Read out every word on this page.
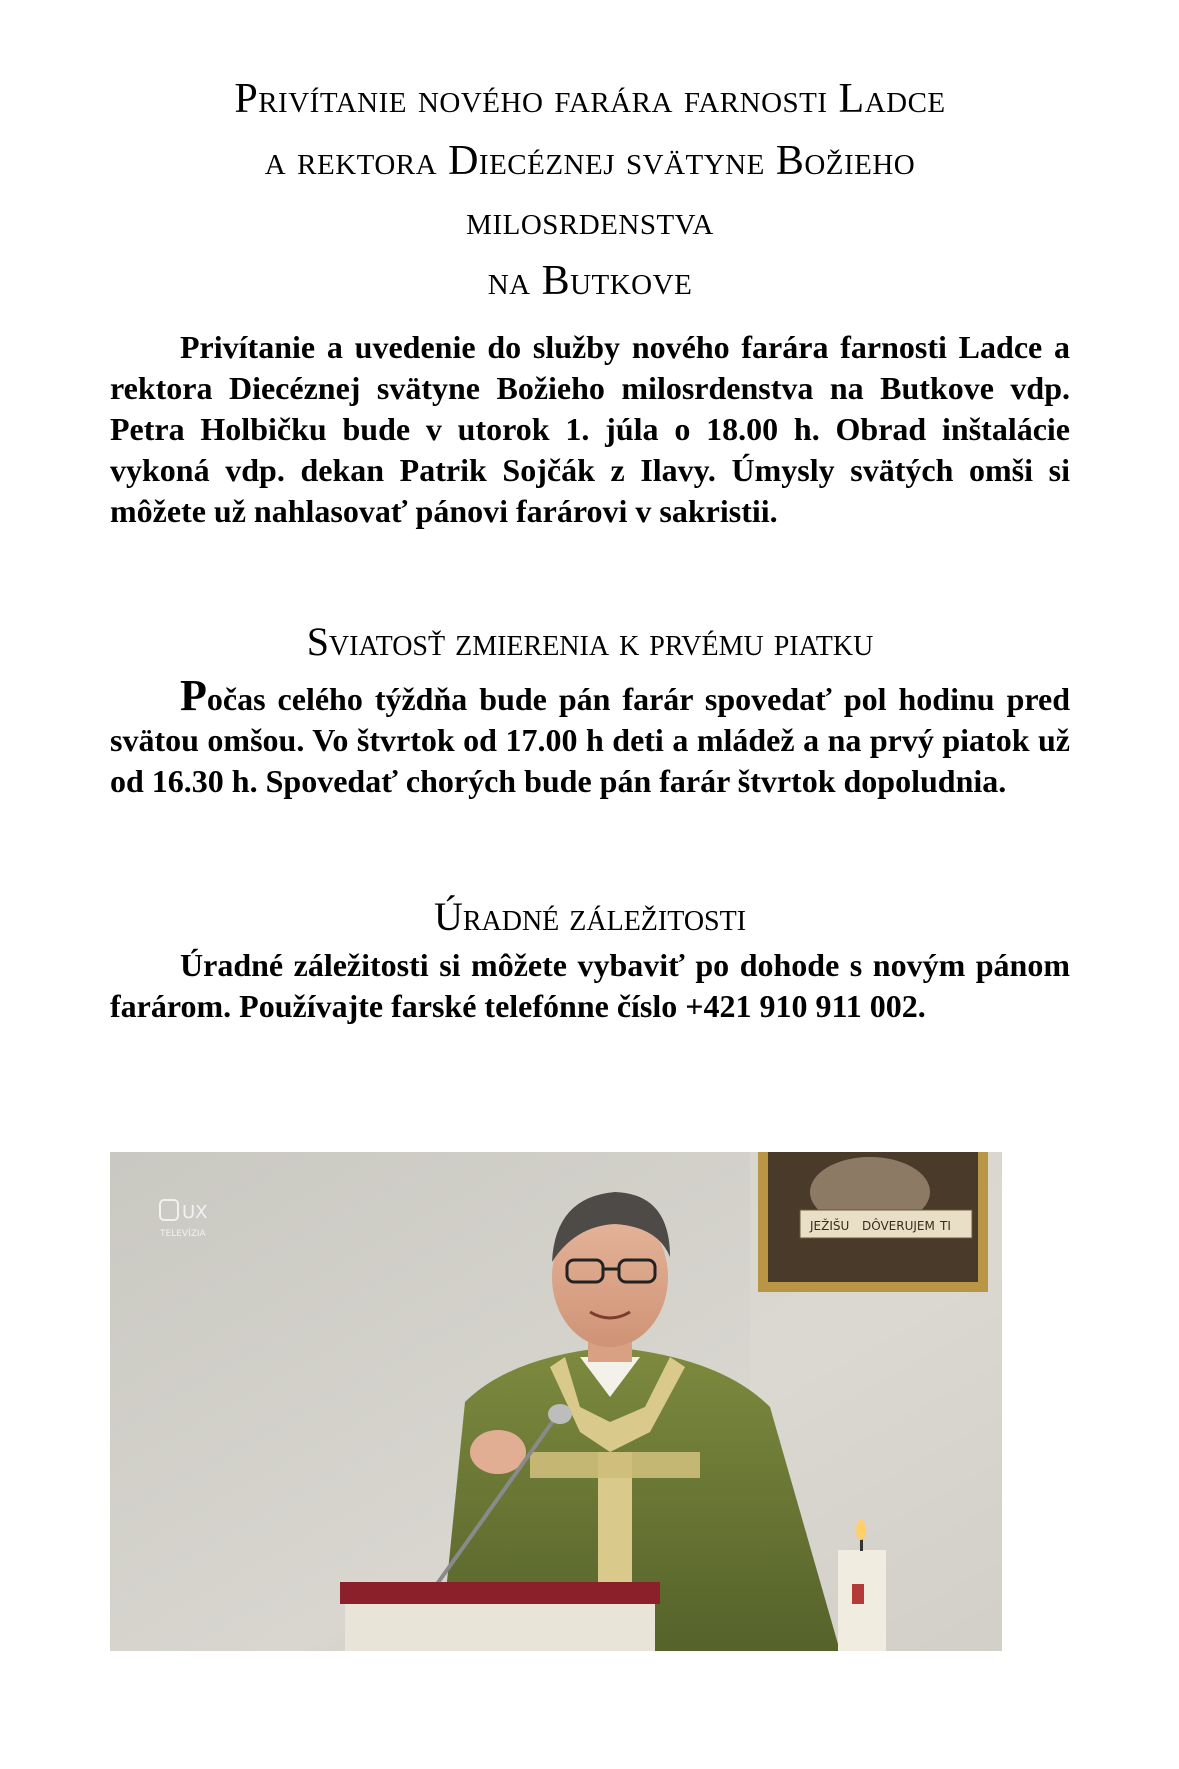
Privítanie nového farára farnosti Ladce
a rektora Diecéznej svätyne Božieho
milosrdenstva
na Butkove

Privítanie a uvedenie do služby nového farára farnosti Ladce a rektora Diecéznej svätyne Božieho milosrdenstva na Butkove vdp. Petra Holbičku bude v utorok 1. júla o 18.00 h. Obrad inštalácie vykoná vdp. dekan Patrik Sojčák z Ilavy. Úmysly svätých omši si môžete už nahlasovať pánovi farárovi v sakristii.

Sviatosť zmierenia k prvému piatku

Počas celého týždňa bude pán farár spovedať pol hodinu pred svätou omšou. Vo štvrtok od 17.00 h deti a mládež a na prvý piatok už od 16.30 h. Spovedať chorých bude pán farár štvrtok dopoludnia.

Úradné záležitosti

Úradné záležitosti si môžete vybaviť po dohode s novým pánom farárom. Používajte farské telefónne číslo +421 910 911 002.

JEŽIŠU DÔVERUJEM TI
UX
TELEVÍZIA
